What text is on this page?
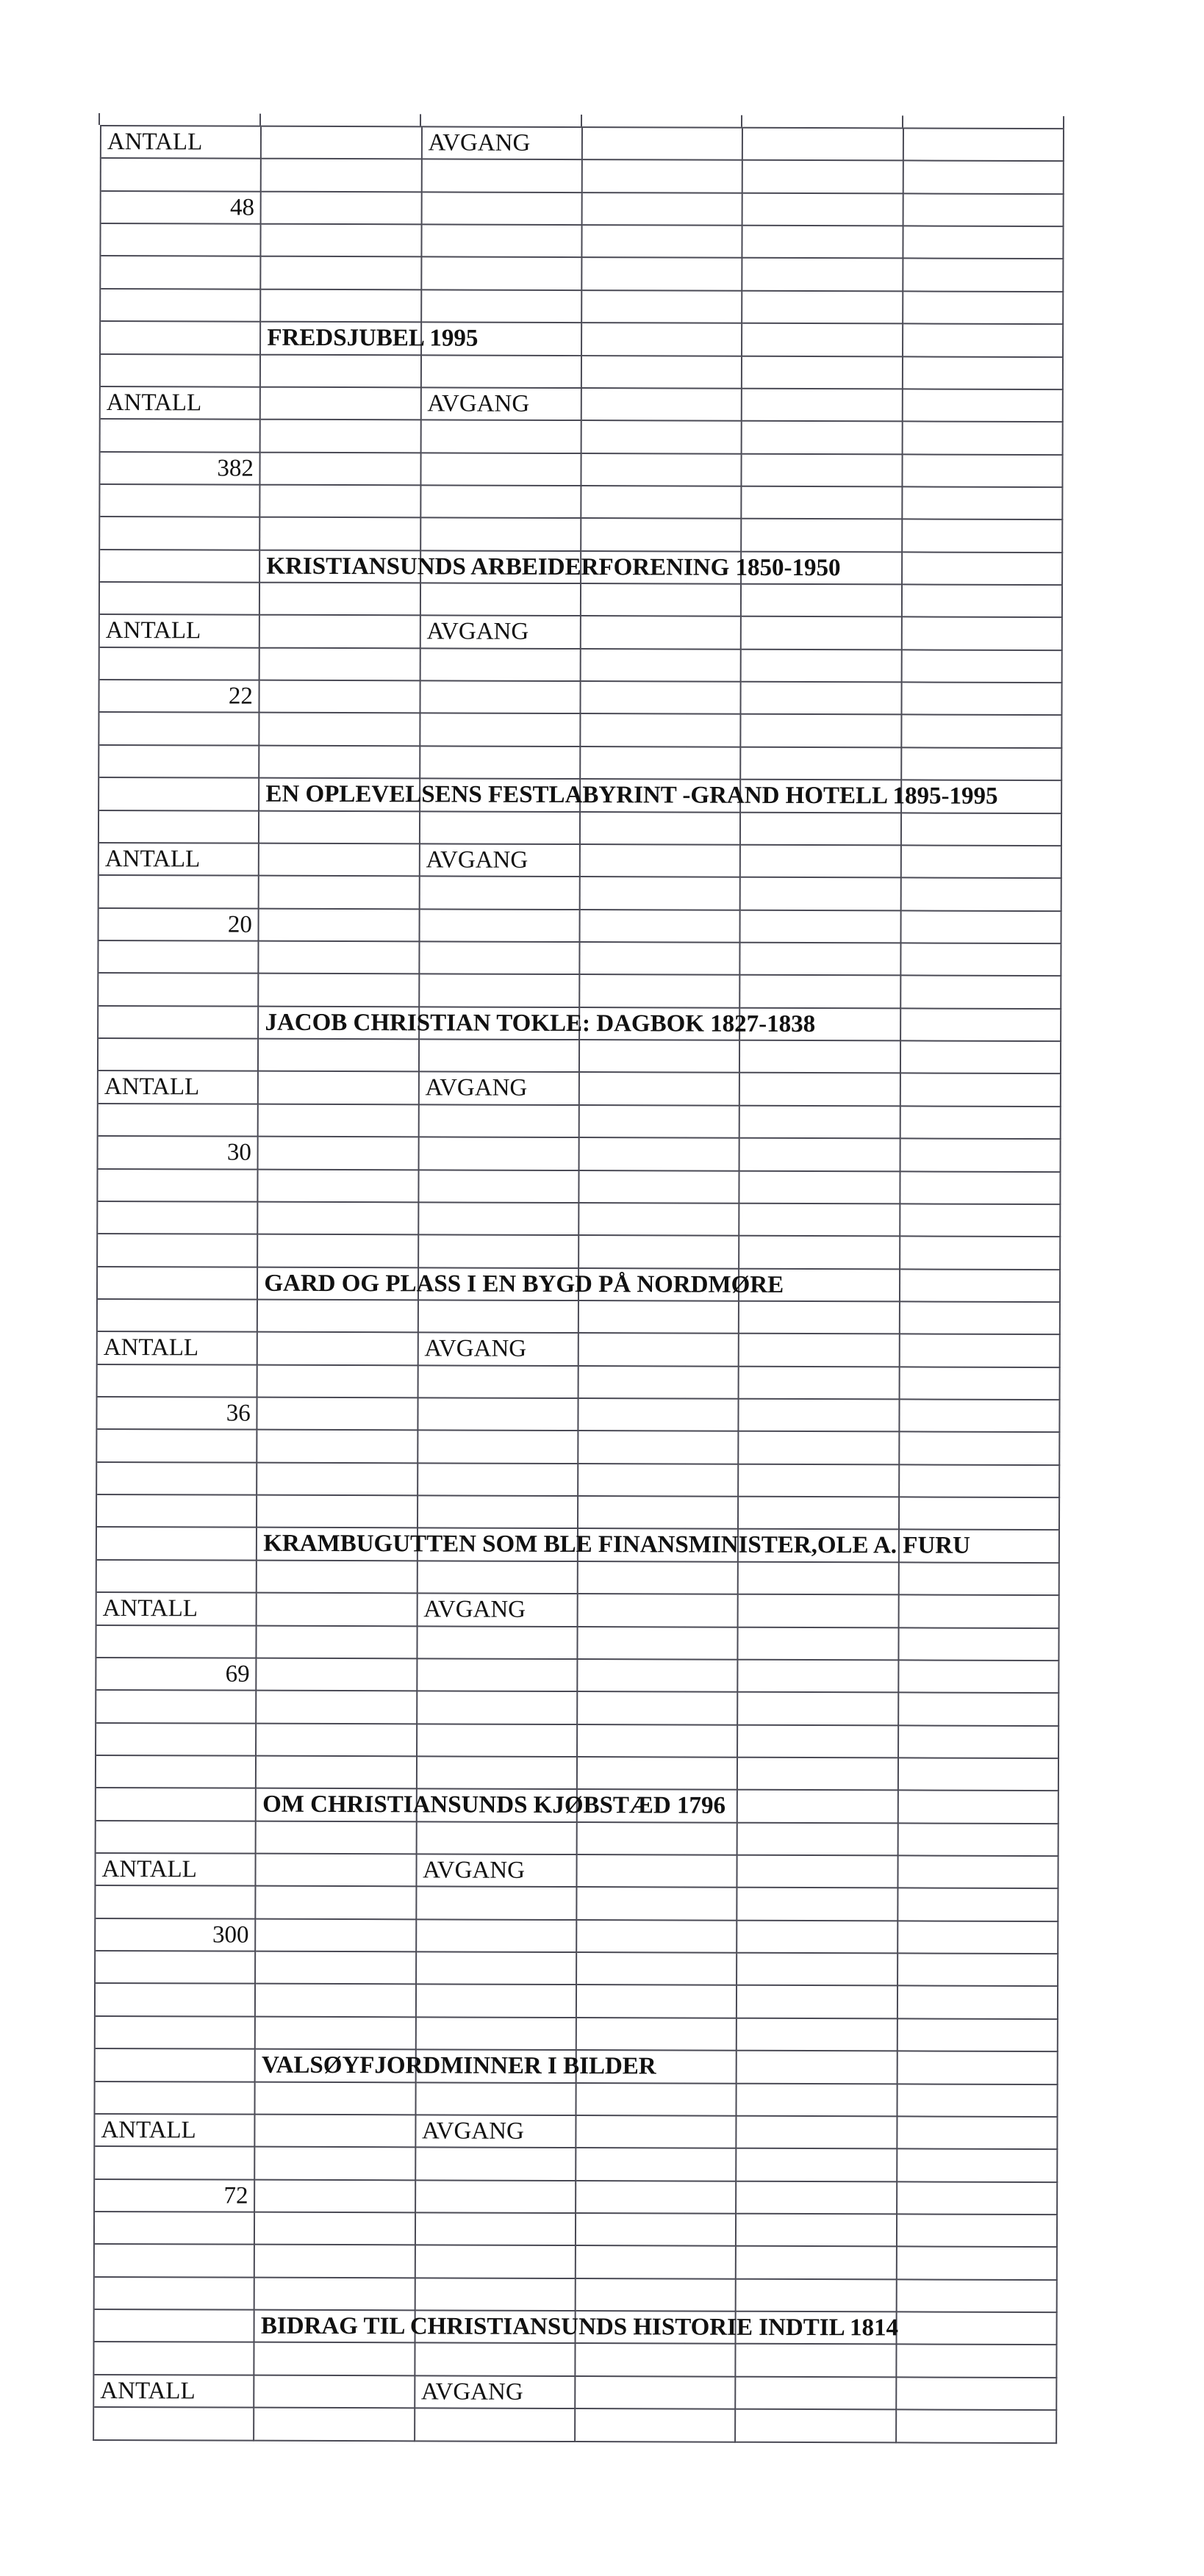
ANTALL	AVGANG
48
FREDSJUBEL 1995
ANTALL	AVGANG
382
KRISTIANSUNDS ARBEIDERFORENING 1850-1950
ANTALL	AVGANG
22
EN OPLEVELSENS FESTLABYRINT -GRAND HOTELL 1895-1995
ANTALL	AVGANG
20
JACOB CHRISTIAN TOKLE: DAGBOK 1827-1838
ANTALL	AVGANG
30
GARD OG PLASS I EN BYGD PÅ NORDMØRE
ANTALL	AVGANG
36
KRAMBUGUTTEN SOM BLE FINANSMINISTER,OLE A. FURU
ANTALL	AVGANG
69
OM CHRISTIANSUNDS KJØBSTÆD 1796
ANTALL	AVGANG
300
VALSØYFJORDMINNER I BILDER
ANTALL	AVGANG
72
BIDRAG TIL CHRISTIANSUNDS HISTORIE INDTIL 1814
ANTALL	AVGANG
